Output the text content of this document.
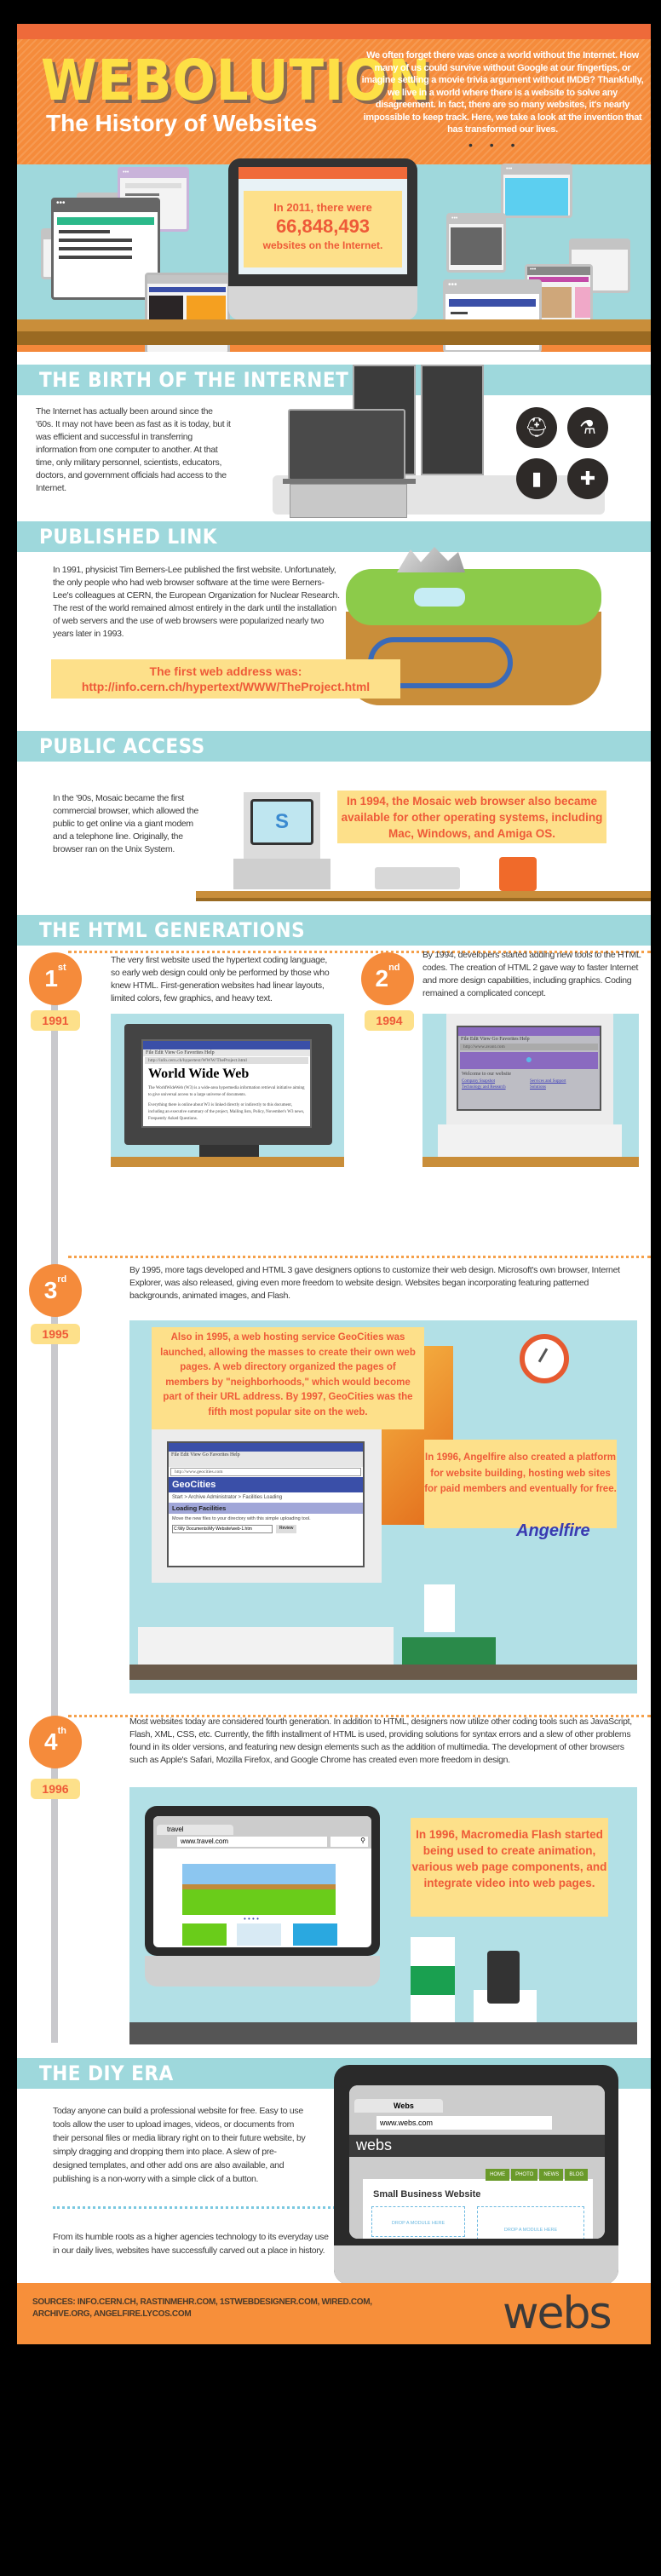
WEBOLUTION
The History of Websites
We often forget there was once a world without the Internet. How many of us could survive without Google at our fingertips, or imagine settling a movie trivia argument without IMDB? Thankfully, we live in a world where there is a website to solve any disagreement. In fact, there are so many websites, it's nearly impossible to keep track. Here, we take a look at the invention that has transformed our lives.
• • •
•••
•••
•••
•••
•••
•••
In 2011, there were
66,848,493
websites on the Internet.
THE BIRTH OF THE INTERNET
The Internet has actually been around since the '60s. It may not have been as fast as it is today, but it was efficient and successful in transferring information from one computer to another. At that time, only military personnel, scientists, educators, doctors, and government officials had access to the Internet.
⛑	⚗
▮	✚
PUBLISHED LINK
In 1991, physicist Tim Berners-Lee published the first website. Unfortunately, the only people who had web browser software at the time were Berners-Lee's colleagues at CERN, the European Organization for Nuclear Research. The rest of the world remained almost entirely in the dark until the installation of web servers and the use of web browsers were popularized nearly two years later in 1993.
The first web address was:
http://info.cern.ch/hypertext/WWW/TheProject.html
PUBLIC ACCESS
In the '90s, Mosaic became the first commercial browser, which allowed the public to get online via a giant modem and a telephone line. Originally, the browser ran on the Unix System.
S
In 1994, the Mosaic web browser also became available for other operating systems, including Mac, Windows, and Amiga OS.
THE HTML GENERATIONS
1st
1991
The very first website used the hypertext coding language, so early web design could only be performed by those who knew HTML. First-generation websites had linear layouts, limited colors, few graphics, and heavy text.
File Edit View Go Favorites Help
http://info.cern.ch/hypertext/WWW/TheProject.html
World Wide Web
The WorldWideWeb (W3) is a wide-area hypermedia information retrieval initiative aiming to give universal access to a large universe of documents.
Everything there is online about W3 is linked directly or indirectly to this document, including an executive summary of the project, Mailing lists, Policy, November's W3 news, Frequently Asked Questions.
2nd
1994
By 1994, developers started adding new tools to the HTML codes. The creation of HTML 2 gave way to faster Internet and more design capabilities, including graphics. Coding remained a complicated concept.
File Edit View Go Favorites Help
http://www.avant.com
●
Welcome to our website
Company Snapshot	Services and Support
Technology and Research	Solutions
3rd
1995
By 1995, more tags developed and HTML 3 gave designers options to customize their web design. Microsoft's own browser, Internet Explorer, was also released, giving even more freedom to website design. Websites began incorporating featuring patterned backgrounds, animated images, and Flash.
Also in 1995, a web hosting service GeoCities was launched, allowing the masses to create their own web pages. A web directory organized the pages of members by "neighborhoods," which would become part of their URL address. By 1997, GeoCities was the fifth most popular site on the web.
File Edit View Go Favorites Help
http://www.geocities.com
GeoCities
Start > Archive Administrator > Facilities Loading
Loading Facilities
Move the new files to your directory with this simple uploading tool.
C:\My Documents\My Website\web-1.htm	Review
In 1996, Angelfire also created a platform for website building, hosting web sites for paid members and eventually for free.
Angelfire
4th
1996
Most websites today are considered fourth generation. In addition to HTML, designers now utilize other coding tools such as JavaScript, Flash, XML, CSS, etc. Currently, the fifth installment of HTML is used, providing solutions for syntax errors and a slew of other problems found in its older versions, and featuring new design elements such as the addition of multimedia. The development of other browsers such as Apple's Safari, Mozilla Firefox, and Google Chrome has created even more freedom in design.
travel
www.travel.com	⚲
• • • •
In 1996, Macromedia Flash started being used to create animation, various web page components, and integrate video into web pages.
THE DIY ERA
Today anyone can build a professional website for free. Easy to use tools allow the user to upload images, videos, or documents from their personal files or media library right on to their future website, by simply dragging and dropping them into place. A slew of pre-designed templates, and other add ons are also available, and publishing is a non-worry with a simple click of a button.
From its humble roots as a higher agencies technology to its everyday use in our daily lives, websites have successfully carved out a place in history.
Webs
www.webs.com
webs
HOME	PHOTO	NEWS	BLOG
Small Business Website
DROP A MODULE HERE
DROP A MODULE HERE
SOURCES: INFO.CERN.CH, RASTINMEHR.COM, 1STWEBDESIGNER.COM, WIRED.COM, ARCHIVE.ORG, ANGELFIRE.LYCOS.COM	webs
